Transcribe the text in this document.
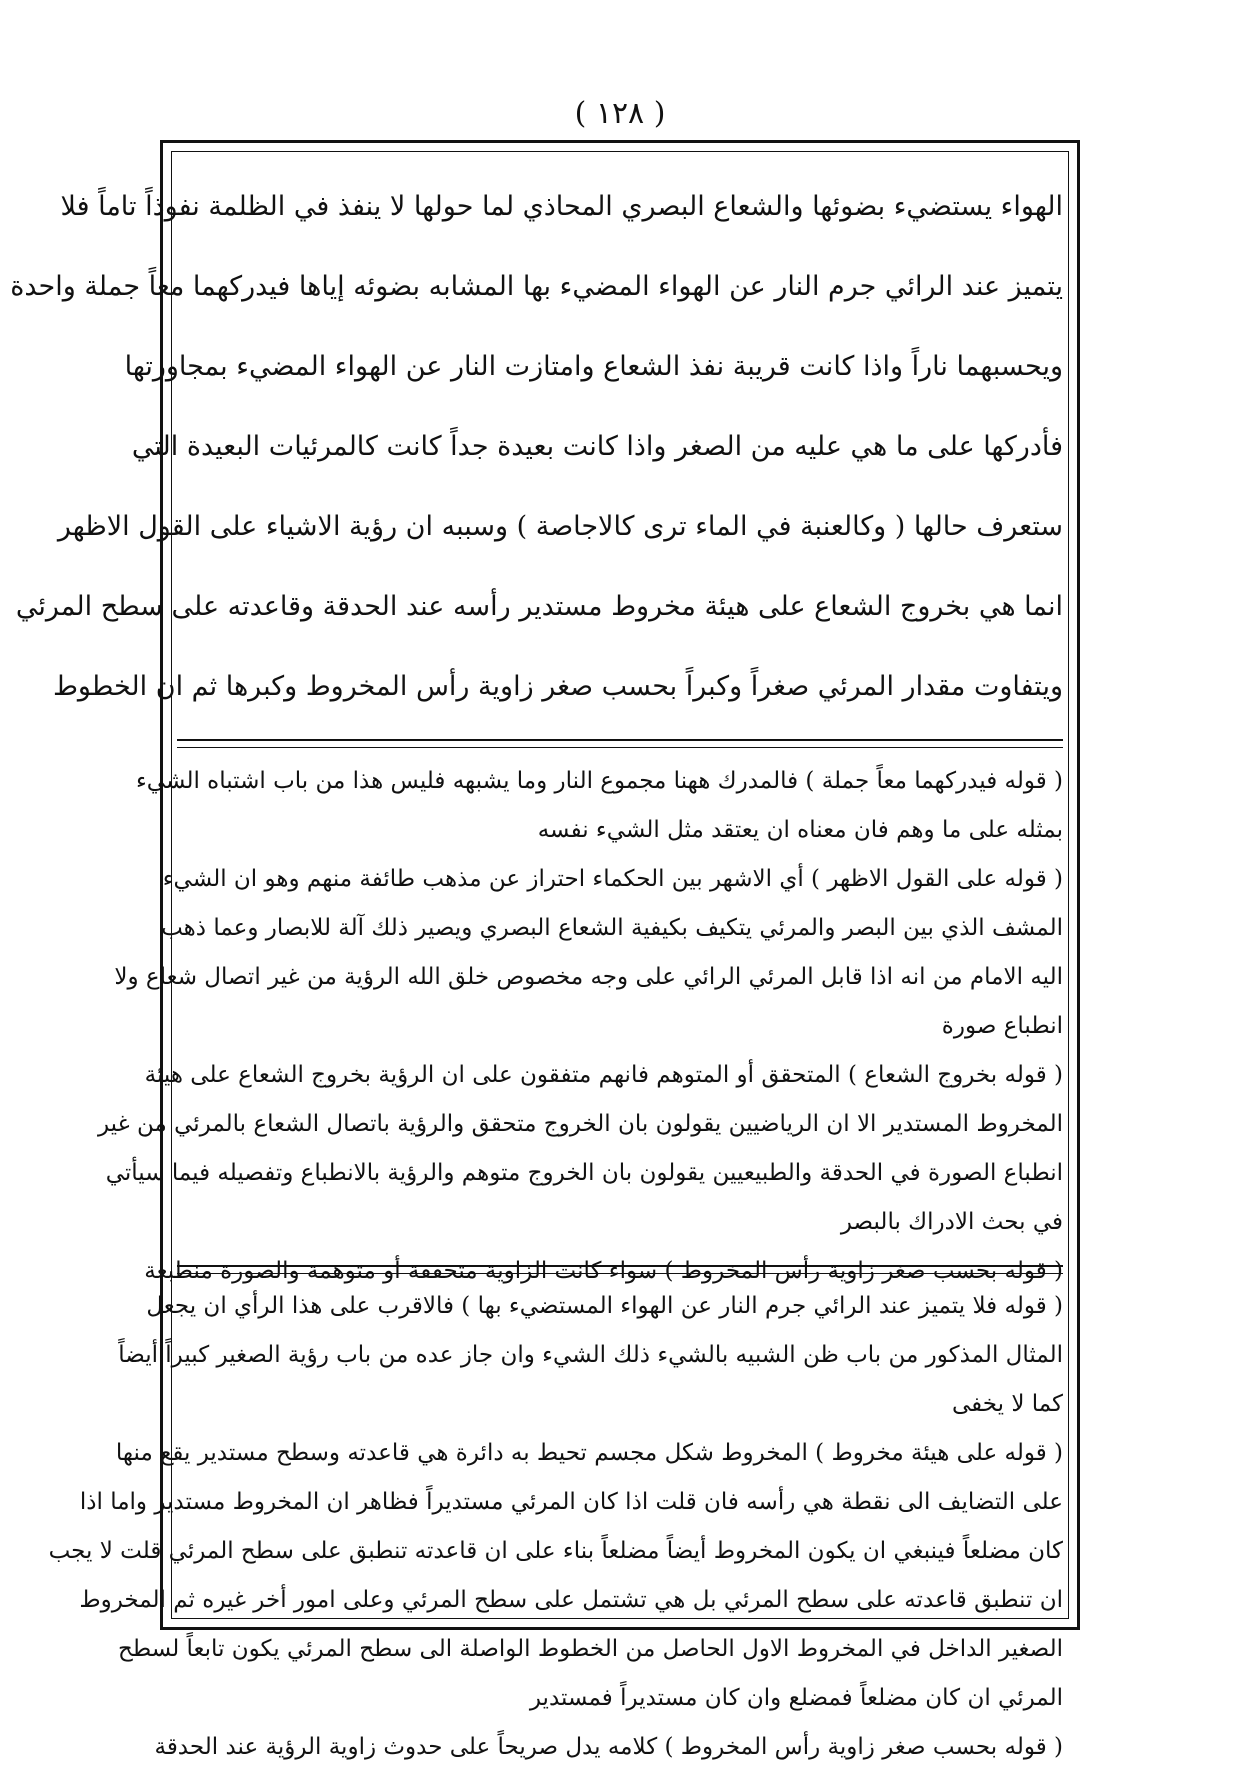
( ١٢٨ )
الهواء يستضيء بضوئها والشعاع البصري المحاذي لما حولها لا ينفذ في الظلمة نفوذاً تاماً فلا
يتميز عند الرائي جرم النار عن الهواء المضيء بها المشابه بضوئه إياها فيدركهما معاً جملة واحدة
ويحسبهما ناراً واذا كانت قريبة نفذ الشعاع وامتازت النار عن الهواء المضيء بمجاورتها
فأدركها على ما هي عليه من الصغر واذا كانت بعيدة جداً كانت كالمرئيات البعيدة التي
ستعرف حالها ( وكالعنبة في الماء ترى كالاجاصة ) وسببه ان رؤية الاشياء على القول الاظهر
انما هي بخروج الشعاع على هيئة مخروط مستدير رأسه عند الحدقة وقاعدته على سطح المرئي
ويتفاوت مقدار المرئي صغراً وكبراً بحسب صغر زاوية رأس المخروط وكبرها ثم ان الخطوط
( قوله فيدركهما معاً جملة ) فالمدرك ههنا مجموع النار وما يشبهه فليس هذا من باب اشتباه الشيء
بمثله على ما وهم فان معناه ان يعتقد مثل الشيء نفسه
( قوله على القول الاظهر ) أي الاشهر بين الحكماء احتراز عن مذهب طائفة منهم وهو ان الشيء
المشف الذي بين البصر والمرئي يتكيف بكيفية الشعاع البصري ويصير ذلك آلة للابصار وعما ذهب
اليه الامام من انه اذا قابل المرئي الرائي على وجه مخصوص خلق الله الرؤية من غير اتصال شعاع ولا
انطباع صورة
( قوله بخروج الشعاع ) المتحقق أو المتوهم فانهم متفقون على ان الرؤية بخروج الشعاع على هيئة
المخروط المستدير الا ان الرياضيين يقولون بان الخروج متحقق والرؤية باتصال الشعاع بالمرئي من غير
انطباع الصورة في الحدقة والطبيعيين يقولون بان الخروج متوهم والرؤية بالانطباع وتفصيله فيما سيأتي
في بحث الادراك بالبصر
( قوله بحسب صغر زاوية رأس المخروط ) سواء كانت الزاوية متحققة أو متوهمة والصورة منطبعة
( قوله فلا يتميز عند الرائي جرم النار عن الهواء المستضيء بها ) فالاقرب على هذا الرأي ان يجعل
المثال المذكور من باب ظن الشبيه بالشيء ذلك الشيء وان جاز عده من باب رؤية الصغير كبيراً أيضاً
كما لا يخفى
( قوله على هيئة مخروط ) المخروط شكل مجسم تحيط به دائرة هي قاعدته وسطح مستدير يقع منها
على التضايف الى نقطة هي رأسه فان قلت اذا كان المرئي مستديراً فظاهر ان المخروط مستدير واما اذا
كان مضلعاً فينبغي ان يكون المخروط أيضاً مضلعاً بناء على ان قاعدته تنطبق على سطح المرئي قلت لا يجب
ان تنطبق قاعدته على سطح المرئي بل هي تشتمل على سطح المرئي وعلى امور أخر غيره ثم المخروط
الصغير الداخل في المخروط الاول الحاصل من الخطوط الواصلة الى سطح المرئي يكون تابعاً لسطح
المرئي ان كان مضلعاً فمضلع وان كان مستديراً فمستدير
( قوله بحسب صغر زاوية رأس المخروط ) كلامه يدل صريحاً على حدوث زاوية الرؤية عند الحدقة
